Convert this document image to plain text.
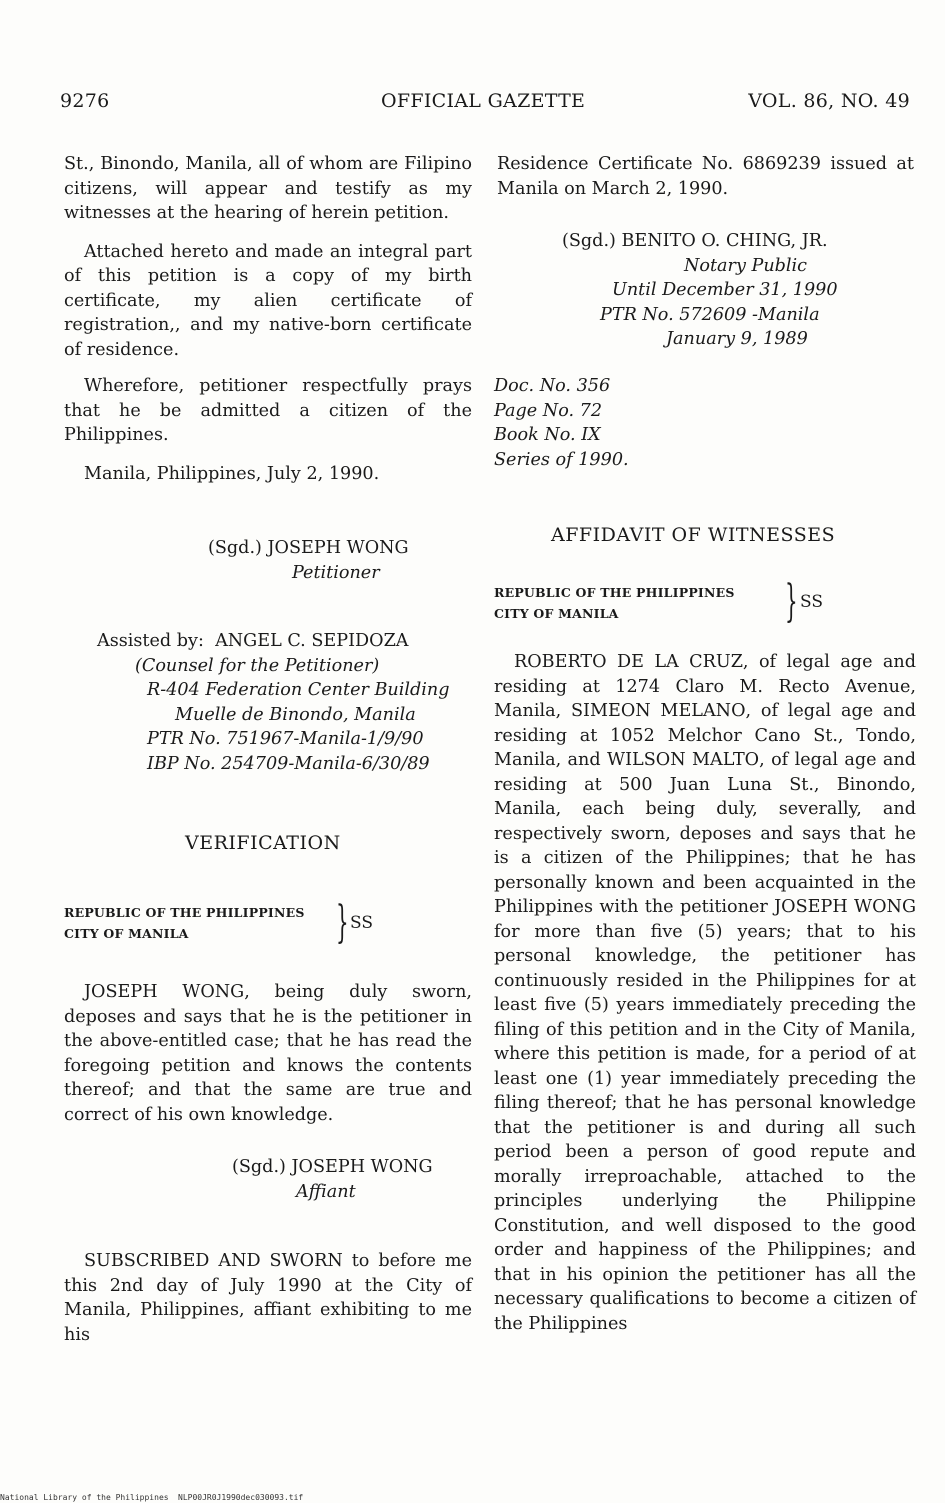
9276	OFFICIAL GAZETTE	VOL. 86, NO. 49

St., Binondo, Manila, all of whom are Filipino citizens, will appear and testify as my witnesses at the hearing of herein petition.

Attached hereto and made an integral part of this petition is a copy of my birth certificate, my alien certificate of registration,, and my native-born certificate of residence.

Wherefore, petitioner respectfully prays that he be admitted a citizen of the Philippines.

Manila, Philippines, July 2, 1990.

(Sgd.) JOSEPH WONG
Petitioner
Assisted by: ANGEL C. SEPIDOZA
(Counsel for the Petitioner)
R-404 Federation Center Building
Muelle de Binondo, Manila
PTR No. 751967-Manila-1/9/90
IBP No. 254709-Manila-6/30/89
VERIFICATION
REPUBLIC OF THE PHILIPPINES
CITY OF MANILA	} SS
JOSEPH WONG, being duly sworn, deposes and says that he is the petitioner in the above-entitled case; that he has read the foregoing petition and knows the contents thereof; and that the same are true and correct of his own knowledge.
(Sgd.) JOSEPH WONG
Affiant
SUBSCRIBED AND SWORN to before me this 2nd day of July 1990 at the City of Manila, Philippines, affiant exhibiting to me his
Residence Certificate No. 6869239 issued at Manila on March 2, 1990.
(Sgd.) BENITO O. CHING, JR.
Notary Public
Until December 31, 1990
PTR No. 572609 -Manila
January 9, 1989
Doc. No. 356
Page No. 72
Book No. IX
Series of 1990.
AFFIDAVIT OF WITNESSES
REPUBLIC OF THE PHILIPPINES
CITY OF MANILA	} SS
ROBERTO DE LA CRUZ, of legal age and residing at 1274 Claro M. Recto Avenue, Manila, SIMEON MELANO, of legal age and residing at 1052 Melchor Cano St., Tondo, Manila, and WILSON MALTO, of legal age and residing at 500 Juan Luna St., Binondo, Manila, each being duly, severally, and respectively sworn, deposes and says that he is a citizen of the Philippines; that he has personally known and been acquainted in the Philippines with the petitioner JOSEPH WONG for more than five (5) years; that to his personal knowledge, the petitioner has continuously resided in the Philippines for at least five (5) years immediately preceding the filing of this petition and in the City of Manila, where this petition is made, for a period of at least one (1) year immediately preceding the filing thereof; that he has personal knowledge that the petitioner is and during all such period been a person of good repute and morally irreproachable, attached to the principles underlying the Philippine Constitution, and well disposed to the good order and happiness of the Philippines; and that in his opinion the petitioner has all the necessary qualifications to become a citizen of the Philippines
National Library of the Philippines NLP00JR0J1990dec030093.tif
